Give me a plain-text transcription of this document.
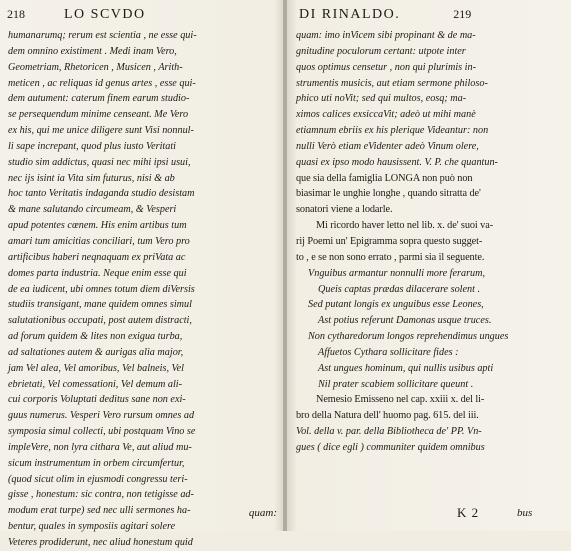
218	LO SCVDO
humanarumq; rerum est scientia , ne esse qui-
dem omnino existiment . Medi inam Vero,
Geometriam, Rhetoricen , Musicen , Arith-
meticen , ac reliquas id genus artes , esse qui-
dem autument: caterum finem earum studio-
se persequendum minime censeant. Me Vero
ex his, qui me unice diligere sunt Visi nonnul-
li sape increpant, quod plus iusto Veritati
studio sim addictus, quasi nec mihi ipsi usui,
nec ijs isint ia Vita sim futurus, nisi & ab
hoc tanto Veritatis indaganda studio desistam
& mane salutando circumeam, & Vesperi
apud potentes cœnem. His enim artibus tum
amari tum amicitias conciliari, tum Vero pro
artificibus haberi neqnaquam ex priVata ac
domes parta industria. Neque enim esse qui
de ea iudicent, ubi omnes totum diem diVersis
studiis transigant, mane quidem omnes simul
salutationibus occupati, post autem distracti,
ad forum quidem & lites non exigua turba,
ad saltationes autem & aurigas alia major,
jam Vel alea, Vel amoribus, Vel balneis, Vel
ebrietati, Vel comessationi, Vel demum ali-
cui corporis Voluptati deditus sane non exi-
guus numerus. Vesperi Vero rursum omnes ad
symposia simul collecti, ubi postquam Vino se
impleVere, non lyra cithara Ve, aut aliud mu-
sicum instrumentum in orbem circumfertur,
(quod sicut olim in ejusmodi congressu teri-
gisse , honestum: sic contra, non tetigisse ad-
modum erat turpe) sed nec ulli sermones ha-
bentur, quales in symposiis agitari solere
Veteres prodiderunt, nec aliud honestum quid
quam:
DI RINALDO.	219
quam: imo inVicem sibi propinant & de ma-
gnitudine poculorum certant: utpote inter
quos optimus censetur , non qui plurimis in-
strumentis musicis, aut etiam sermone philoso-
phico uti noVit; sed qui multos, eosq; ma-
ximos calices exsiccaVit; adeò ut mihi manè
etiamnum ebriis ex his plerique Videantur: non
nulli Verò etiam eVidenter adeò Vinum olere,
quasi ex ipso modo hausissent. V. P. che quantun-
que sia della famiglia LONGA non può non
biasimar le unghie longhe , quando sitratta de'
sonatori viene a lodarle.
Mi ricordo haver letto nel lib. x. de' suoi va-
rij Poemi un' Epigramma sopra questo sugget-
to , e se non sono errato , parmi sia il seguente.
Vnguibus armantur nonnulli more ferarum,
Queis captas prædas dilacerare solent .
Sed putant longis ex unguibus esse Leones,
Ast potius referunt Damonas usque truces.
Non cytharedorum longos reprehendimus ungues
Affuetos Cythara sollicitare fides :
Ast ungues hominum, qui nullis usibus apti
Nil prater scabiem sollicitare queunt .
Nemesio Emisseno nel cap. xxiii x. del li-
bro della Natura dell' huomo pag. 615. del iii.
Vol. della v. par. della Bibliotheca de' PP. Vn-
gues ( dice egli ) communiter quidem omnibus
K 2	bus
